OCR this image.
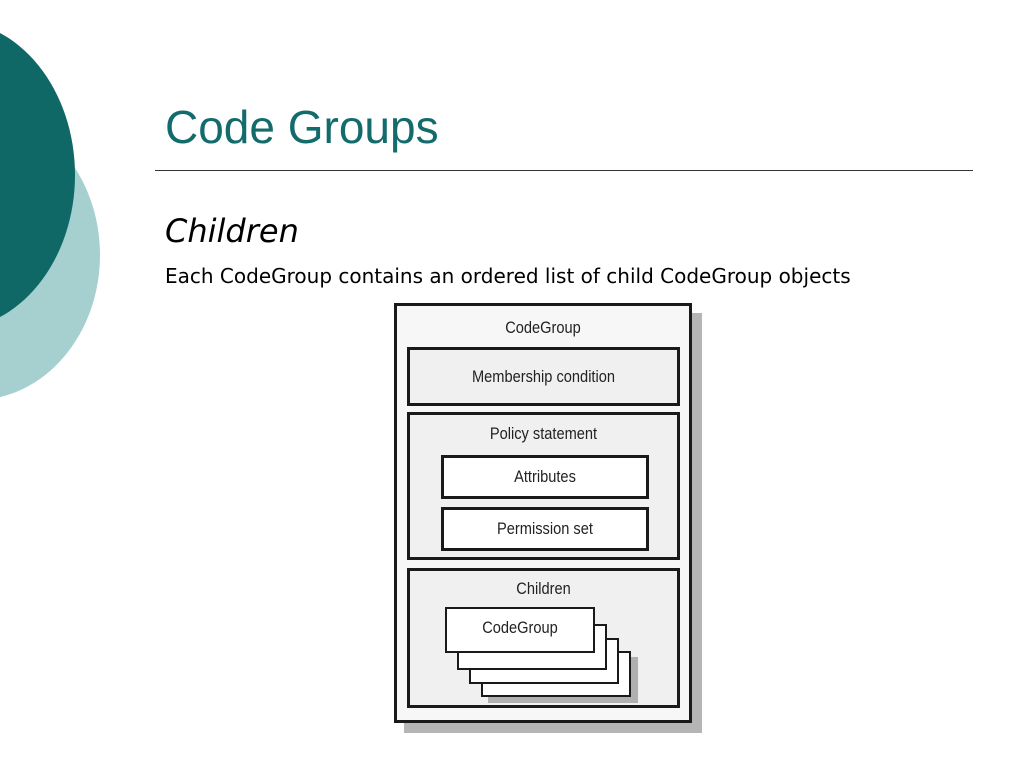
Code Groups
Children
Each CodeGroup contains an ordered list of child CodeGroup objects
CodeGroup
Membership condition
Policy statement
Attributes
Permission set
Children
CodeGroup
